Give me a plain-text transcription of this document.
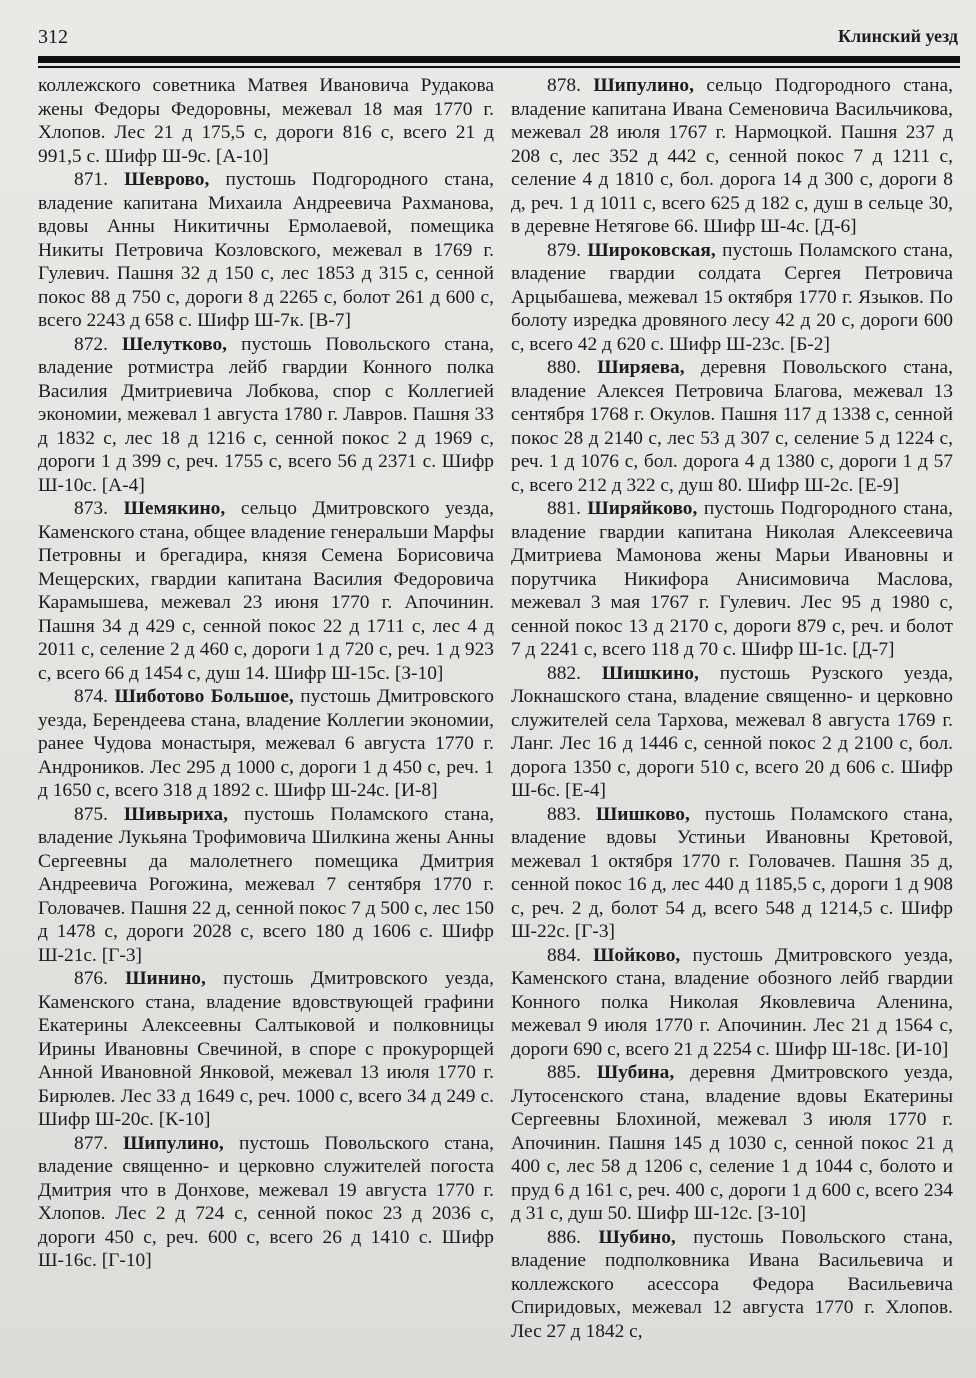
312	Клинский уезд

коллежского советника Матвея Ивановича Рудакова жены Федоры Федоровны, межевал 18 мая 1770 г. Хлопов. Лес 21 д 175,5 с, дороги 816 с, всего 21 д 991,5 с. Шифр Ш-9с. [А-10]

871. Шеврово, пустошь Подгородного стана, владение капитана Михаила Андреевича Рахманова, вдовы Анны Никитичны Ермолаевой, помещика Никиты Петровича Козловского, межевал в 1769 г. Гулевич. Пашня 32 д 150 с, лес 1853 д 315 с, сенной покос 88 д 750 с, дороги 8 д 2265 с, болот 261 д 600 с, всего 2243 д 658 с. Шифр Ш-7к. [В-7]

872. Шелутково, пустошь Повольского стана, владение ротмистра лейб гвардии Конного полка Василия Дмитриевича Лобкова, спор с Коллегией экономии, межевал 1 августа 1780 г. Лавров. Пашня 33 д 1832 с, лес 18 д 1216 с, сенной покос 2 д 1969 с, дороги 1 д 399 с, реч. 1755 с, всего 56 д 2371 с. Шифр Ш-10с. [А-4]

873. Шемякино, сельцо Дмитровского уезда, Каменского стана, общее владение генеральши Марфы Петровны и брегадира, князя Семена Борисовича Мещерских, гвардии капитана Василия Федоровича Карамышева, межевал 23 июня 1770 г. Апочинин. Пашня 34 д 429 с, сенной покос 22 д 1711 с, лес 4 д 2011 с, селение 2 д 460 с, дороги 1 д 720 с, реч. 1 д 923 с, всего 66 д 1454 с, душ 14. Шифр Ш-15с. [З-10]

874. Шиботово Большое, пустошь Дмитровского уезда, Берендеева стана, владение Коллегии экономии, ранее Чудова монастыря, межевал 6 августа 1770 г. Андроников. Лес 295 д 1000 с, дороги 1 д 450 с, реч. 1 д 1650 с, всего 318 д 1892 с. Шифр Ш-24с. [И-8]

875. Шивыриха, пустошь Поламского стана, владение Лукьяна Трофимовича Шилкина жены Анны Сергеевны да малолетнего помещика Дмитрия Андреевича Рогожина, межевал 7 сентября 1770 г. Головачев. Пашня 22 д, сенной покос 7 д 500 с, лес 150 д 1478 с, дороги 2028 с, всего 180 д 1606 с. Шифр Ш-21с. [Г-3]

876. Шинино, пустошь Дмитровского уезда, Каменского стана, владение вдовствующей графини Екатерины Алексеевны Салтыковой и полковницы Ирины Ивановны Свечиной, в споре с прокурорщей Анной Ивановной Янковой, межевал 13 июля 1770 г. Бирюлев. Лес 33 д 1649 с, реч. 1000 с, всего 34 д 249 с. Шифр Ш-20с. [К-10]

877. Шипулино, пустошь Повольского стана, владение священно- и церковно служителей погоста Дмитрия что в Донхове, межевал 19 августа 1770 г. Хлопов. Лес 2 д 724 с, сенной покос 23 д 2036 с, дороги 450 с, реч. 600 с, всего 26 д 1410 с. Шифр Ш-16с. [Г-10]

878. Шипулино, сельцо Подгородного стана, владение капитана Ивана Семеновича Васильчикова, межевал 28 июля 1767 г. Нармоцкой. Пашня 237 д 208 с, лес 352 д 442 с, сенной покос 7 д 1211 с, селение 4 д 1810 с, бол. дорога 14 д 300 с, дороги 8 д, реч. 1 д 1011 с, всего 625 д 182 с, душ в сельце 30, в деревне Нетягове 66. Шифр Ш-4с. [Д-6]

879. Широковская, пустошь Поламского стана, владение гвардии солдата Сергея Петровича Арцыбашева, межевал 15 октября 1770 г. Языков. По болоту изредка дровяного лесу 42 д 20 с, дороги 600 с, всего 42 д 620 с. Шифр Ш-23с. [Б-2]

880. Ширяева, деревня Повольского стана, владение Алексея Петровича Благова, межевал 13 сентября 1768 г. Окулов. Пашня 117 д 1338 с, сенной покос 28 д 2140 с, лес 53 д 307 с, селение 5 д 1224 с, реч. 1 д 1076 с, бол. дорога 4 д 1380 с, дороги 1 д 57 с, всего 212 д 322 с, душ 80. Шифр Ш-2с. [Е-9]

881. Ширяйково, пустошь Подгородного стана, владение гвардии капитана Николая Алексеевича Дмитриева Мамонова жены Марьи Ивановны и порутчика Никифора Анисимовича Маслова, межевал 3 мая 1767 г. Гулевич. Лес 95 д 1980 с, сенной покос 13 д 2170 с, дороги 879 с, реч. и болот 7 д 2241 с, всего 118 д 70 с. Шифр Ш-1с. [Д-7]

882. Шишкино, пустошь Рузского уезда, Локнашского стана, владение священно- и церковно служителей села Тархова, межевал 8 августа 1769 г. Ланг. Лес 16 д 1446 с, сенной покос 2 д 2100 с, бол. дорога 1350 с, дороги 510 с, всего 20 д 606 с. Шифр Ш-6с. [Е-4]

883. Шишково, пустошь Поламского стана, владение вдовы Устиньи Ивановны Кретовой, межевал 1 октября 1770 г. Головачев. Пашня 35 д, сенной покос 16 д, лес 440 д 1185,5 с, дороги 1 д 908 с, реч. 2 д, болот 54 д, всего 548 д 1214,5 с. Шифр Ш-22с. [Г-3]

884. Шойково, пустошь Дмитровского уезда, Каменского стана, владение обозного лейб гвардии Конного полка Николая Яковлевича Аленина, межевал 9 июля 1770 г. Апочинин. Лес 21 д 1564 с, дороги 690 с, всего 21 д 2254 с. Шифр Ш-18с. [И-10]

885. Шубина, деревня Дмитровского уезда, Лутосенского стана, владение вдовы Екатерины Сергеевны Блохиной, межевал 3 июля 1770 г. Апочинин. Пашня 145 д 1030 с, сенной покос 21 д 400 с, лес 58 д 1206 с, селение 1 д 1044 с, болото и пруд 6 д 161 с, реч. 400 с, дороги 1 д 600 с, всего 234 д 31 с, душ 50. Шифр Ш-12с. [З-10]

886. Шубино, пустошь Повольского стана, владение подполковника Ивана Васильевича и коллежского асессора Федора Васильевича Спиридовых, межевал 12 августа 1770 г. Хлопов. Лес 27 д 1842 с,
